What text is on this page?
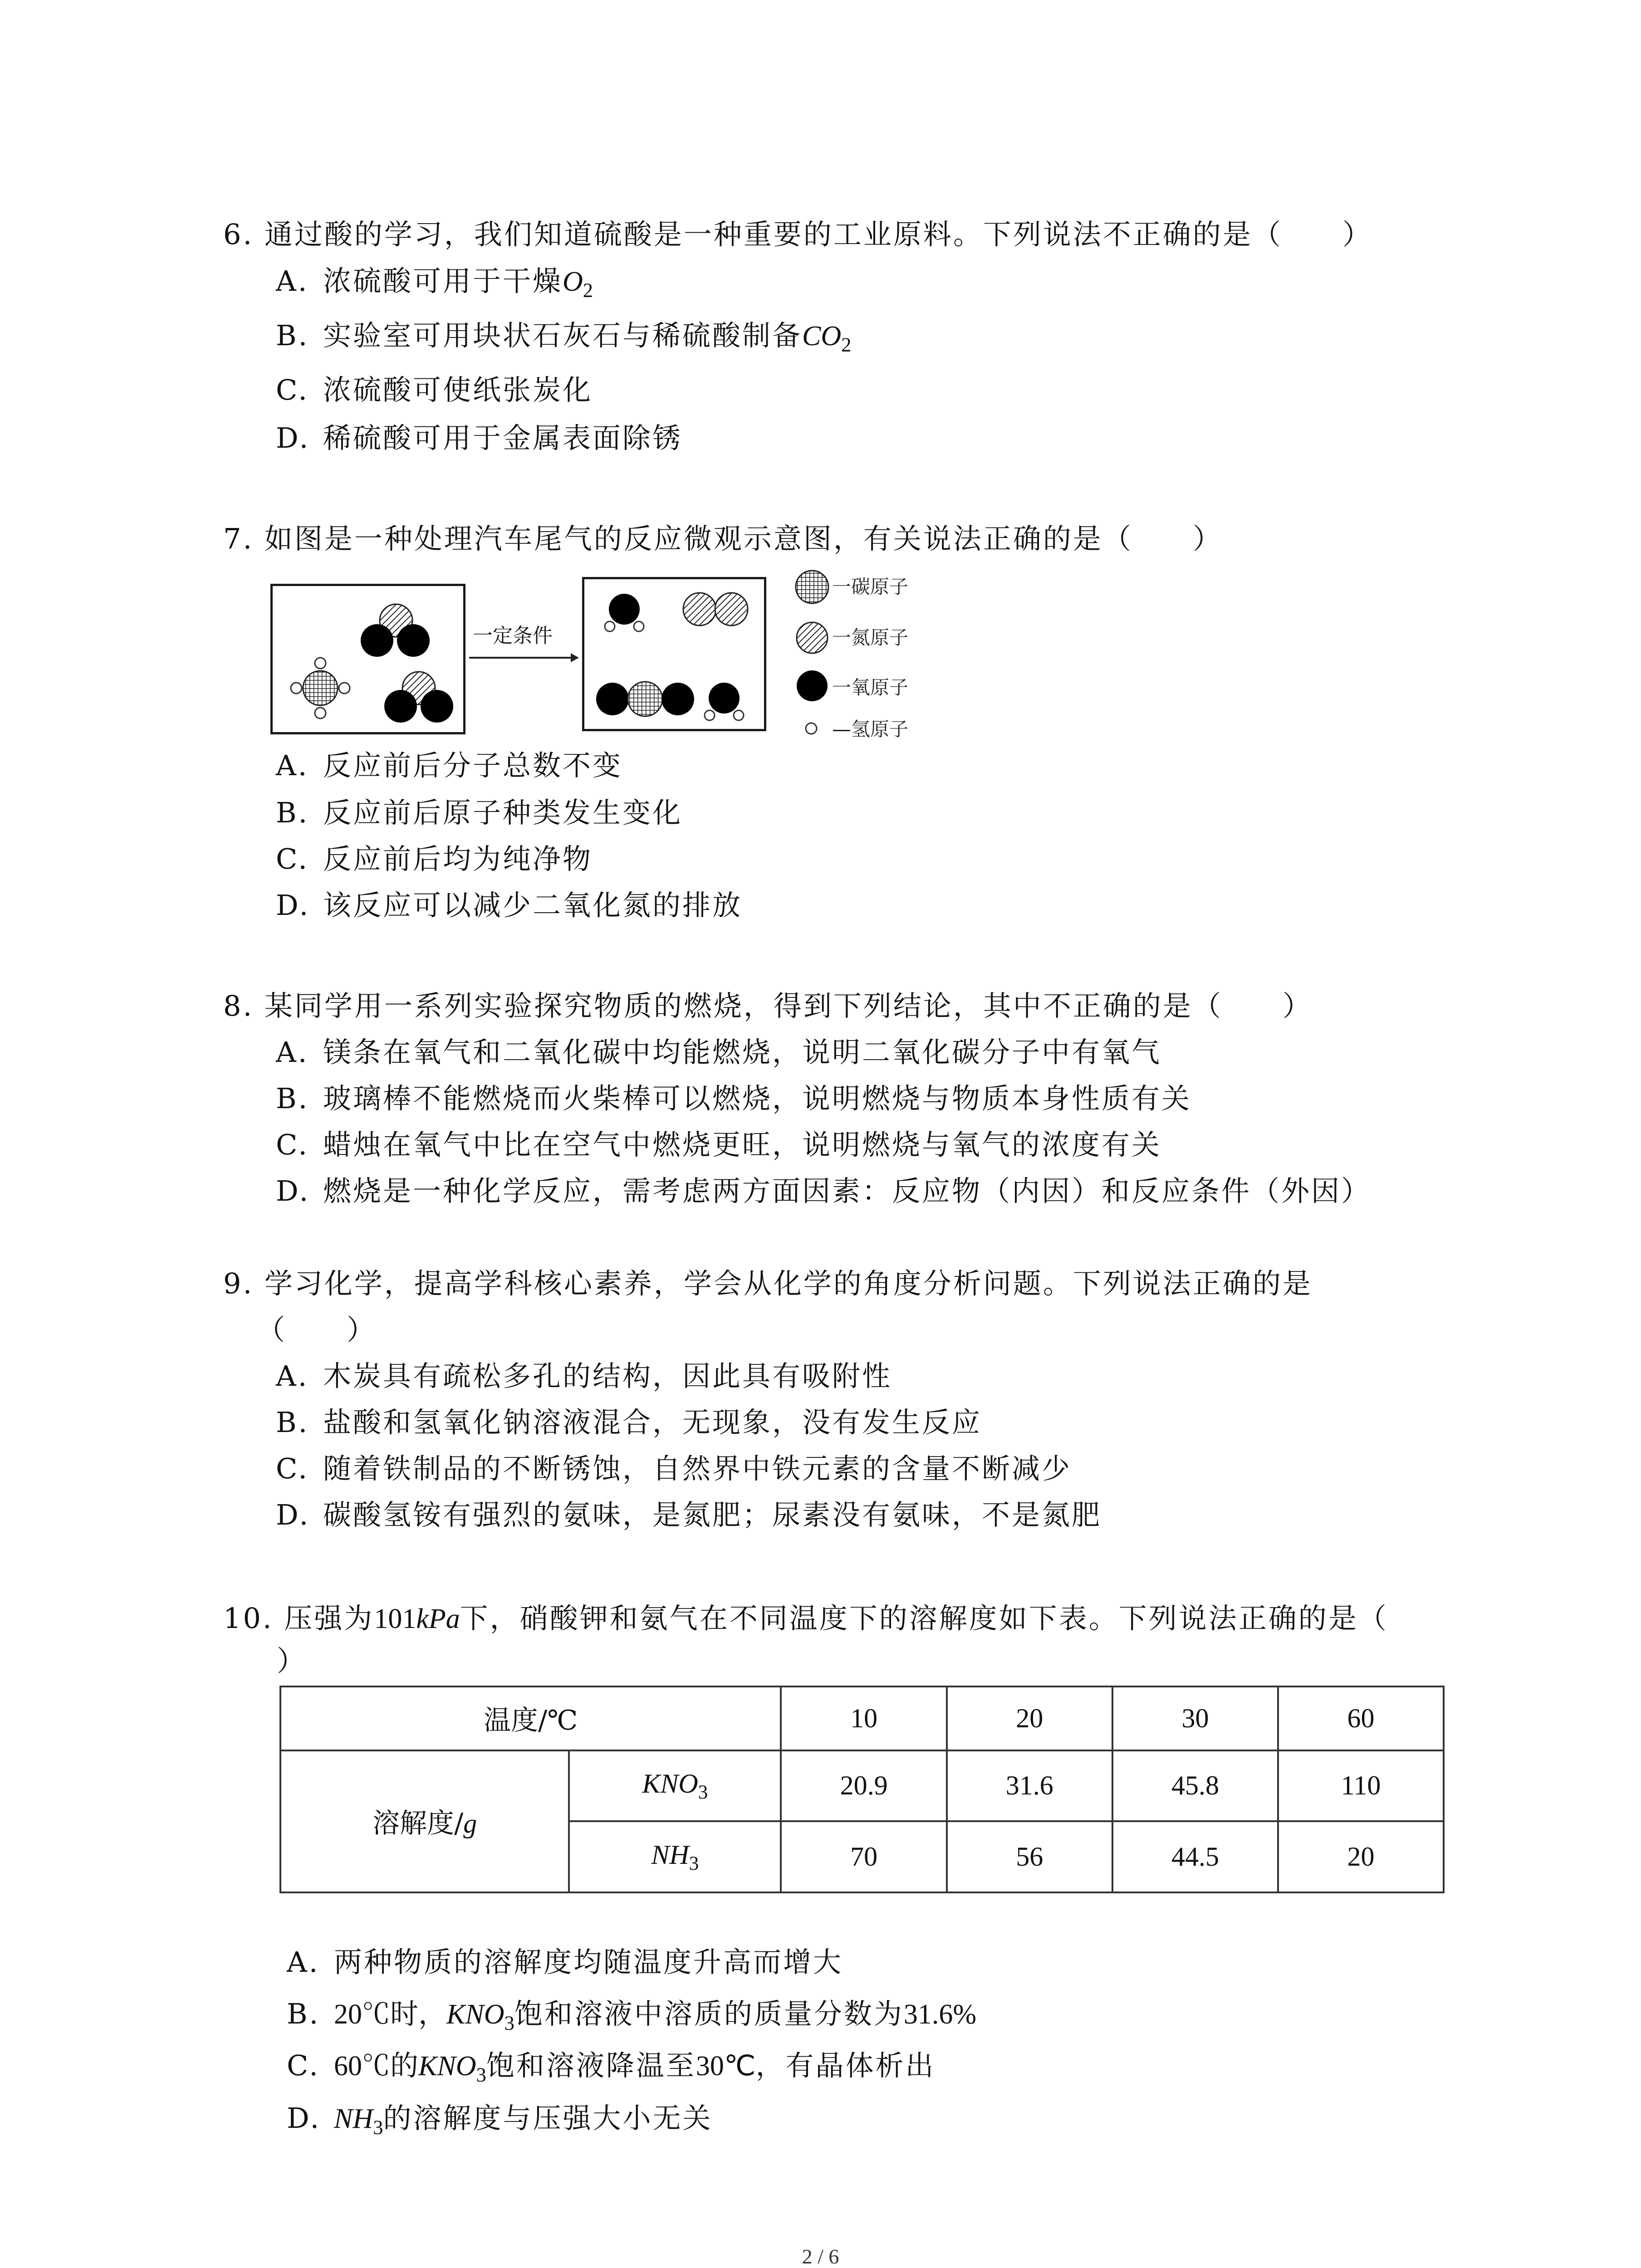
6. 通过酸的学习，我们知道硫酸是一种重要的工业原料。下列说法不正确的是（　　）
A. 浓硫酸可用于干燥$O_2$
B. 实验室可用块状石灰石与稀硫酸制备$CO_2$
C. 浓硫酸可使纸张炭化
D. 稀硫酸可用于金属表面除锈
7. 如图是一种处理汽车尾气的反应微观示意图，有关说法正确的是（　　）
一定条件
一碳原子
一氮原子
一氧原子
—氢原子
A. 反应前后分子总数不变
B. 反应前后原子种类发生变化
C. 反应前后均为纯净物
D. 该反应可以减少二氧化氮的排放
8. 某同学用一系列实验探究物质的燃烧，得到下列结论，其中不正确的是（　　）
A. 镁条在氧气和二氧化碳中均能燃烧，说明二氧化碳分子中有氧气
B. 玻璃棒不能燃烧而火柴棒可以燃烧，说明燃烧与物质本身性质有关
C. 蜡烛在氧气中比在空气中燃烧更旺，说明燃烧与氧气的浓度有关
D. 燃烧是一种化学反应，需考虑两方面因素：反应物（内因）和反应条件（外因）
9. 学习化学，提高学科核心素养，学会从化学的角度分析问题。下列说法正确的是
（　　）
A. 木炭具有疏松多孔的结构，因此具有吸附性
B. 盐酸和氢氧化钠溶液混合，无现象，没有发生反应
C. 随着铁制品的不断锈蚀，自然界中铁元素的含量不断减少
D. 碳酸氢铵有强烈的氨味，是氮肥；尿素没有氨味，不是氮肥
10. 压强为101kPa下，硝酸钾和氨气在不同温度下的溶解度如下表。下列说法正确的是（
）
温度/℃		10	20	30	60
溶解度/g	$KNO_3$	20.9	31.6	45.8	110
	$NH_3$	70	56	44.5	20
A. 两种物质的溶解度均随温度升高而增大
B. 20℃时，$KNO_3$饱和溶液中溶质的质量分数为31.6%
C. 60℃的$KNO_3$饱和溶液降温至30℃，有晶体析出
D. $NH_3$的溶解度与压强大小无关
2 / 6
